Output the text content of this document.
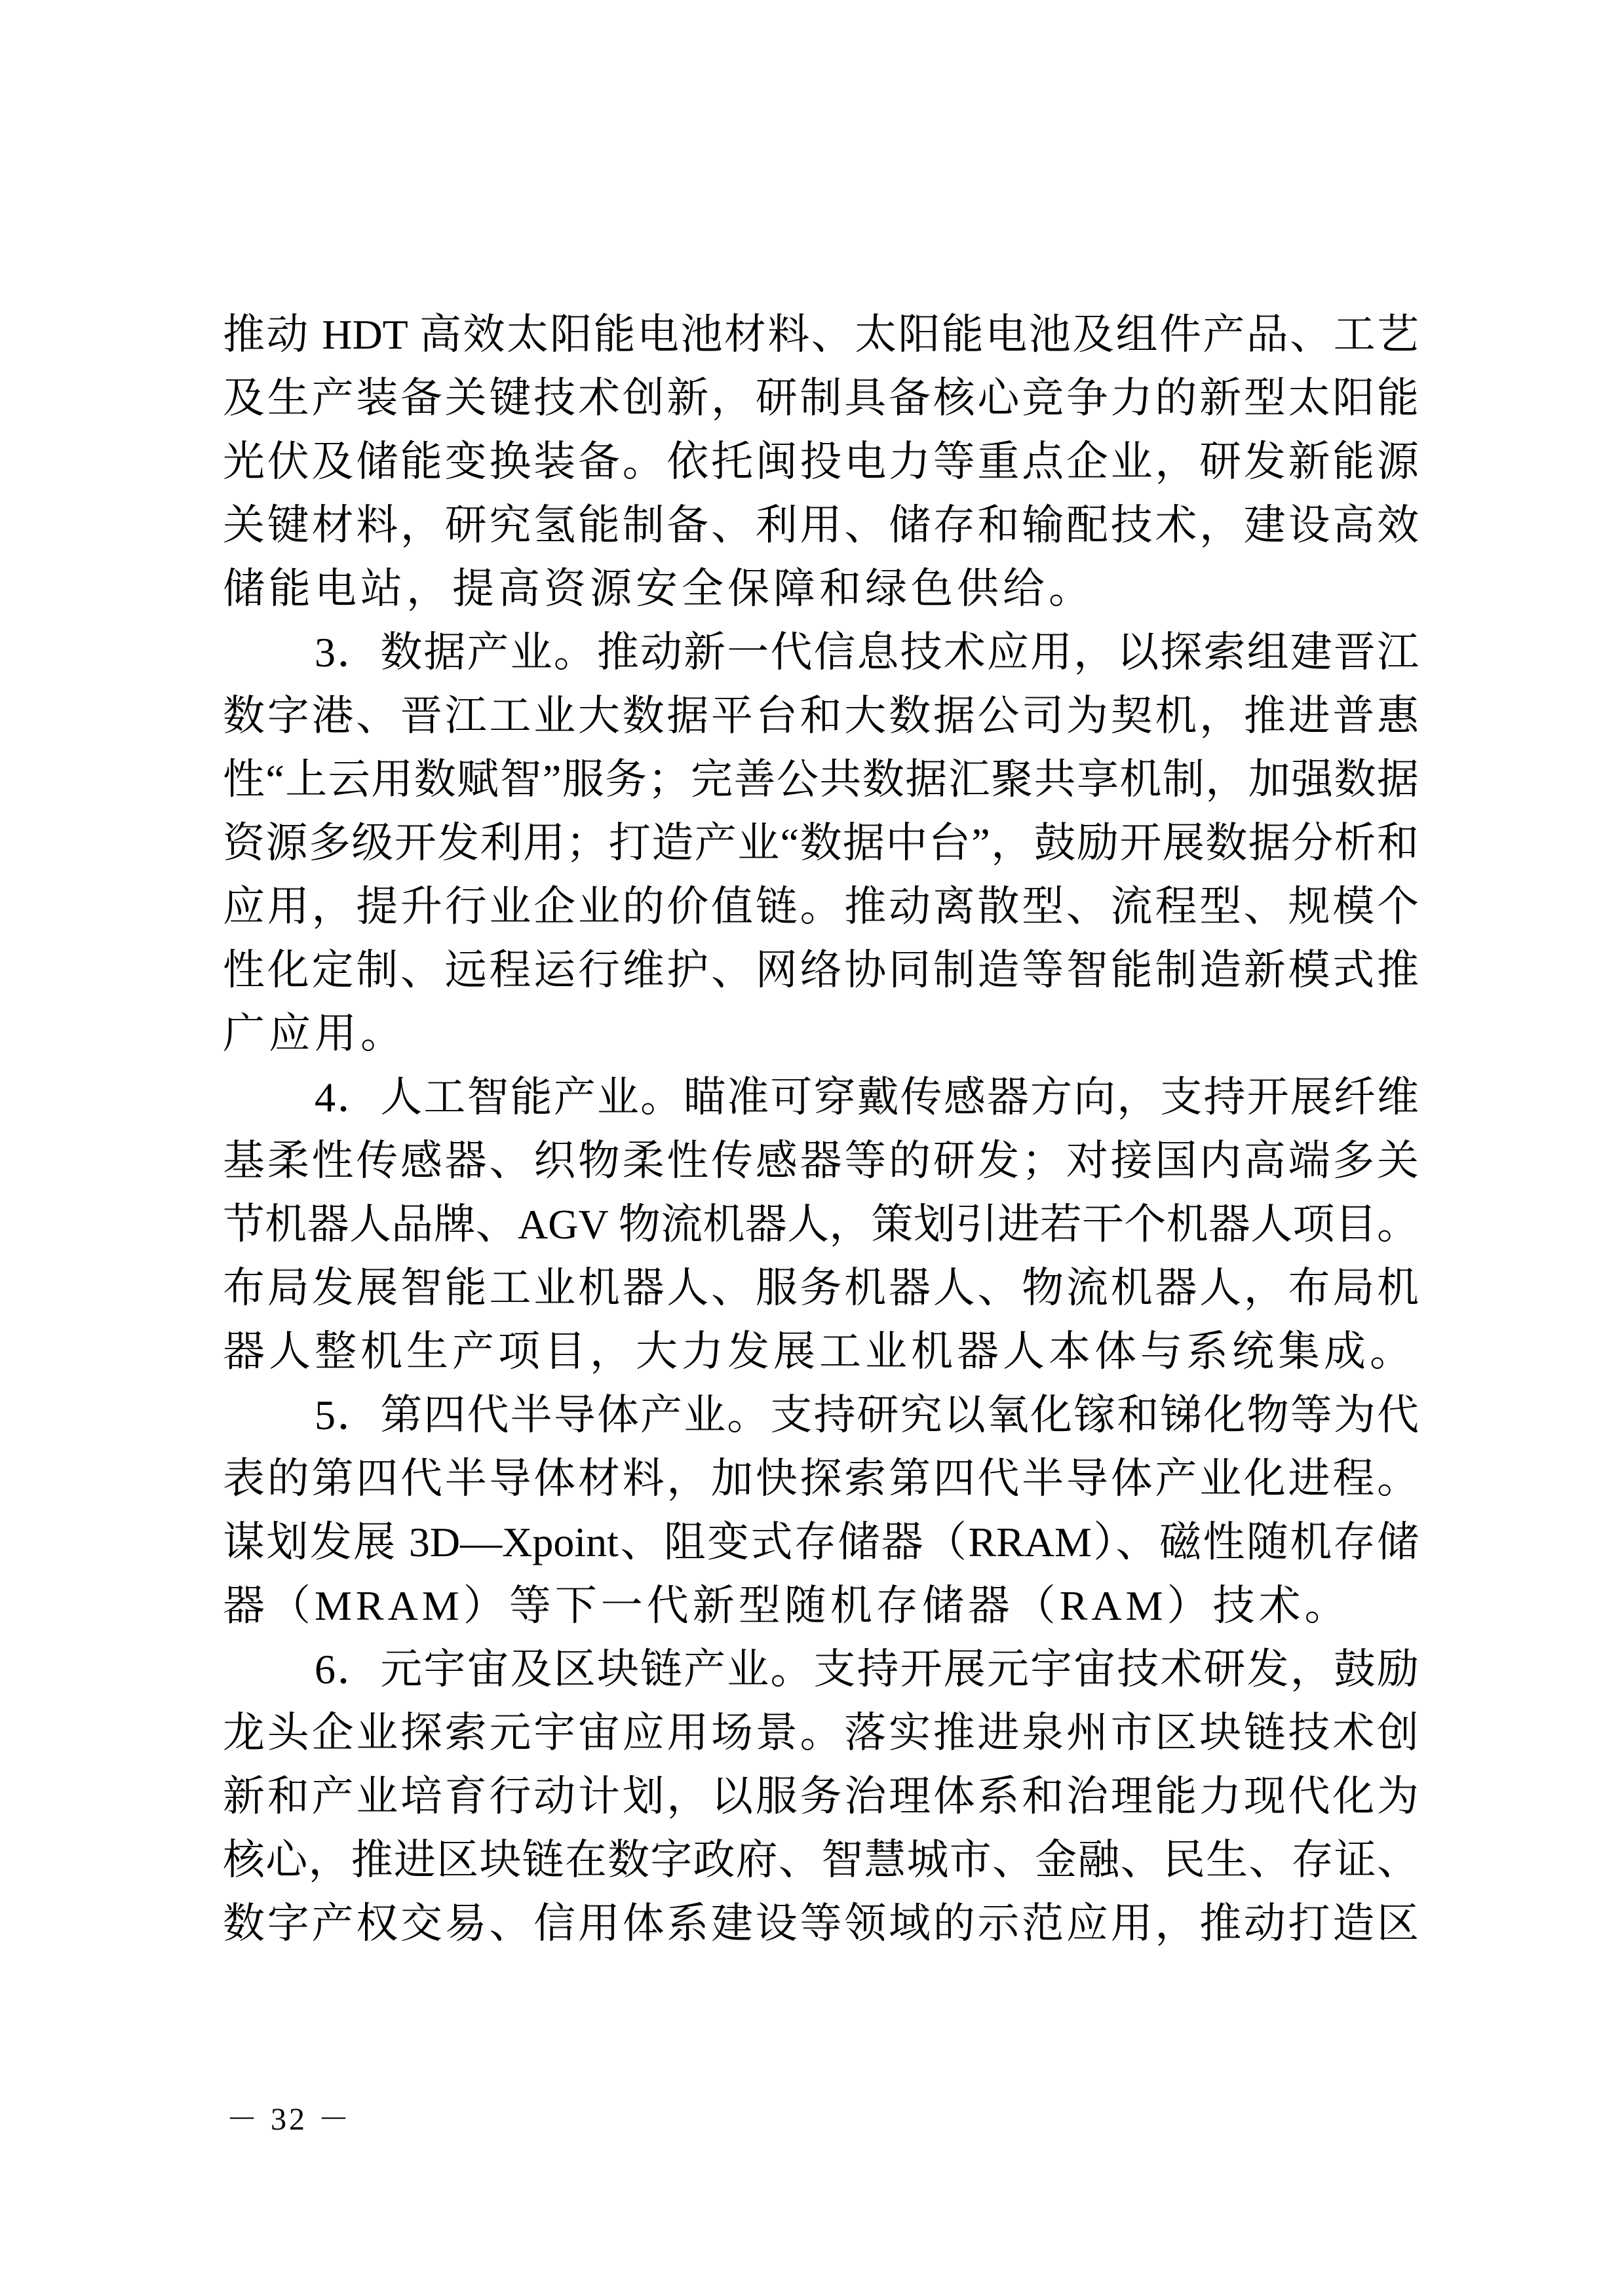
推动 HDT 高效太阳能电池材料、太阳能电池及组件产品、工艺
及生产装备关键技术创新，研制具备核心竞争力的新型太阳能
光伏及储能变换装备。依托闽投电力等重点企业，研发新能源
关键材料，研究氢能制备、利用、储存和输配技术，建设高效
储能电站，提高资源安全保障和绿色供给。
3．数据产业。推动新一代信息技术应用，以探索组建晋江
数字港、晋江工业大数据平台和大数据公司为契机，推进普惠
性“上云用数赋智”服务；完善公共数据汇聚共享机制，加强数据
资源多级开发利用；打造产业“数据中台”，鼓励开展数据分析和
应用，提升行业企业的价值链。推动离散型、流程型、规模个
性化定制、远程运行维护、网络协同制造等智能制造新模式推
广应用。
4．人工智能产业。瞄准可穿戴传感器方向，支持开展纤维
基柔性传感器、织物柔性传感器等的研发；对接国内高端多关
节机器人品牌、AGV 物流机器人，策划引进若干个机器人项目。
布局发展智能工业机器人、服务机器人、物流机器人，布局机
器人整机生产项目，大力发展工业机器人本体与系统集成。
5．第四代半导体产业。支持研究以氧化镓和锑化物等为代
表的第四代半导体材料，加快探索第四代半导体产业化进程。
谋划发展 3D—Xpoint、阻变式存储器（RRAM）、磁性随机存储
器（MRAM）等下一代新型随机存储器（RAM）技术。
6．元宇宙及区块链产业。支持开展元宇宙技术研发，鼓励
龙头企业探索元宇宙应用场景。落实推进泉州市区块链技术创
新和产业培育行动计划，以服务治理体系和治理能力现代化为
核心，推进区块链在数字政府、智慧城市、金融、民生、存证、
数字产权交易、信用体系建设等领域的示范应用，推动打造区
－ 32 －
